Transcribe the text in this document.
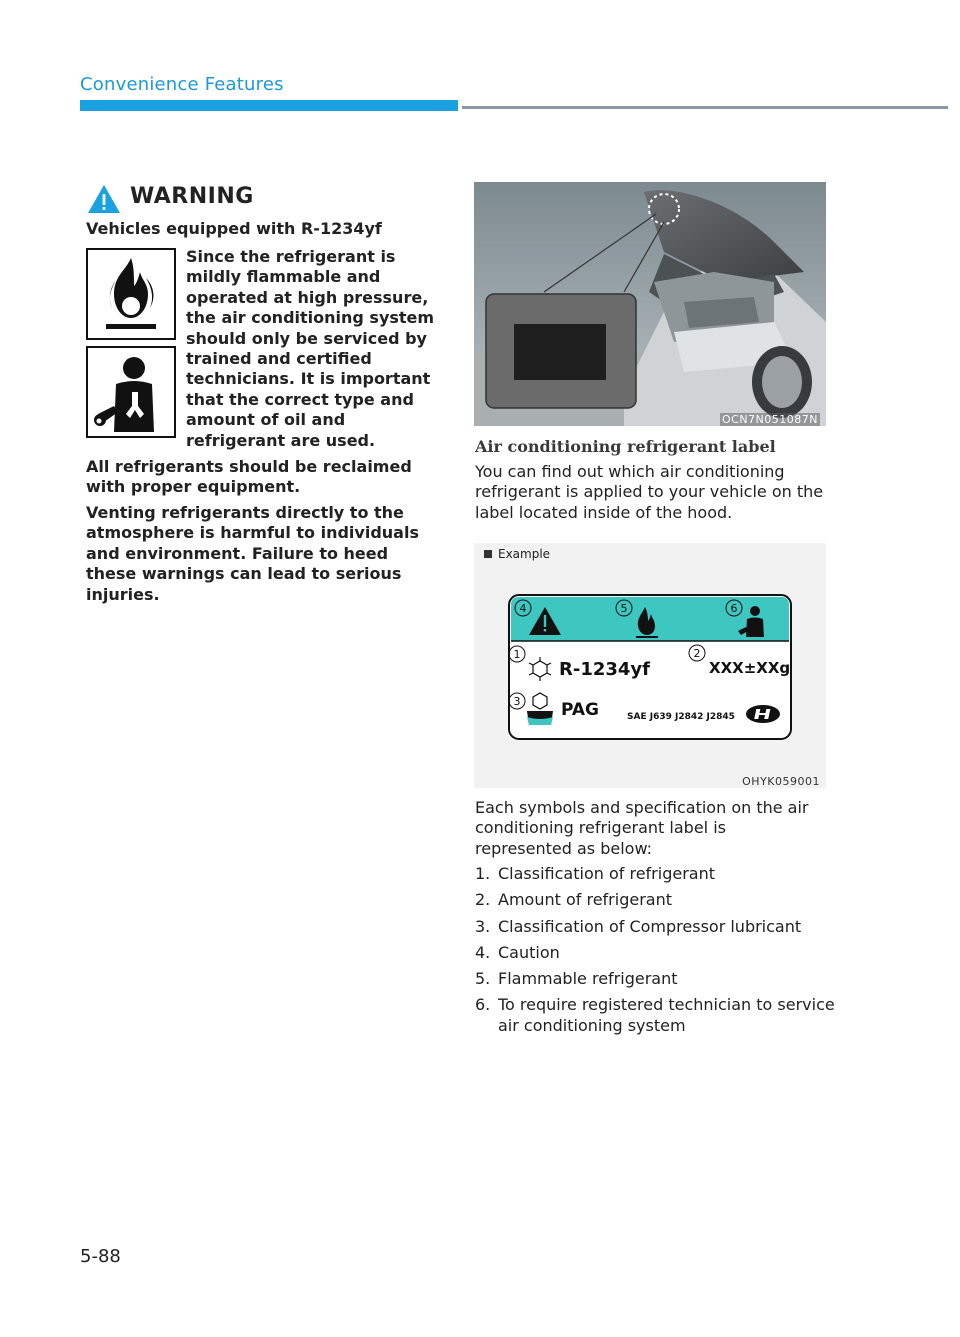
Convenience Features
WARNING
Vehicles equipped with R-1234yf
Since the refrigerant is mildly flammable and operated at high pressure, the air conditioning system should only be serviced by trained and certified technicians. It is important that the correct type and amount of oil and refrigerant are used.
All refrigerants should be reclaimed with proper equipment.
Venting refrigerants directly to the atmosphere is harmful to individuals and environment. Failure to heed these warnings can lead to serious injuries.
OCN7N051087N
Air conditioning refrigerant label
You can find out which air conditioning refrigerant is applied to your vehicle on the label located inside of the hood.
Example
4	5	6
1	2
3
R-1234yf	XXX±XXg
PAG	SAE J639 J2842 J2845
OHYK059001
Each symbols and specification on the air conditioning refrigerant label is represented as below:
1. Classification of refrigerant
2. Amount of refrigerant
3. Classification of Compressor lubricant
4. Caution
5. Flammable refrigerant
6. To require registered technician to service air conditioning system
5-88
